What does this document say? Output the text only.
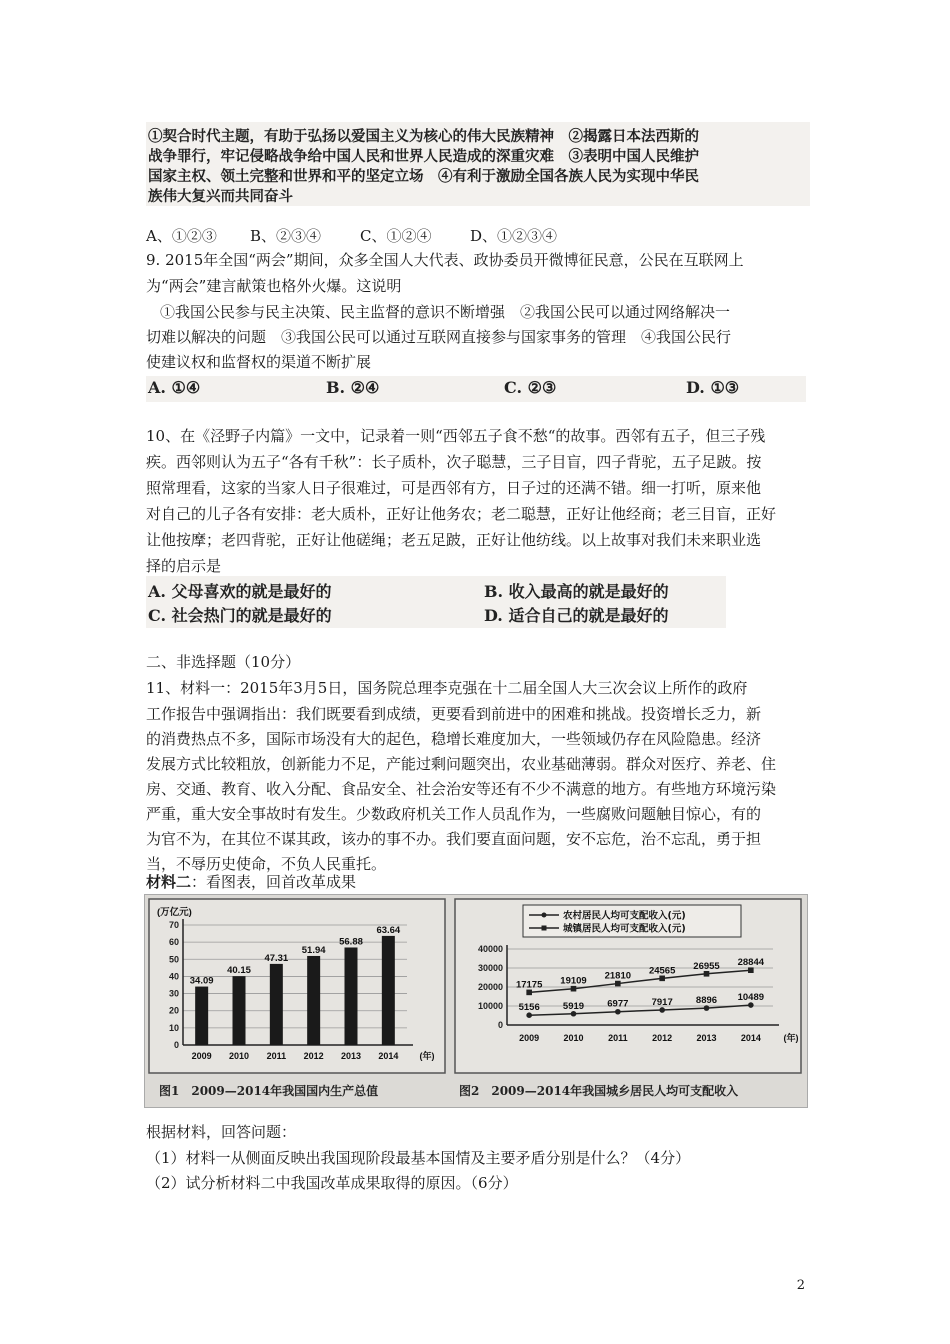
①契合时代主题，有助于弘扬以爱国主义为核心的伟大民族精神　②揭露日本法西斯的
战争罪行，牢记侵略战争给中国人民和世界人民造成的深重灾难　③表明中国人民维护
国家主权、领土完整和世界和平的坚定立场　④有利于激励全国各族人民为实现中华民
族伟大复兴而共同奋斗
A、①②③ B、②③④	C、①②④	D、①②③④
9. 2015年全国“两会”期间，众多全国人大代表、政协委员开微博征民意，公民在互联网上
为“两会”建言献策也格外火爆。这说明
①我国公民参与民主决策、民主监督的意识不断增强　②我国公民可以通过网络解决一
切难以解决的问题　③我国公民可以通过互联网直接参与国家事务的管理　④我国公民行
使建议权和监督权的渠道不断扩展
A. ①④	B. ②④	C. ②③	D. ①③
10、在《泾野子内篇》一文中，记录着一则“西邻五子食不愁“的故事。西邻有五子，但三子残
疾。西邻则认为五子“各有千秋”：长子质朴，次子聪慧，三子目盲，四子背驼，五子足跛。按
照常理看，这家的当家人日子很难过，可是西邻有方，日子过的还满不错。细一打听，原来他
对自己的儿子各有安排：老大质朴，正好让他务农；老二聪慧，正好让他经商；老三目盲，正好
让他按摩；老四背驼，正好让他磋绳；老五足跛，正好让他纺线。以上故事对我们未来职业选
择的启示是
A. 父母喜欢的就是最好的	B. 收入最高的就是最好的
C. 社会热门的就是最好的	D. 适合自己的就是最好的
二、非选择题（10分）
11、材料一：2015年3月5日，国务院总理李克强在十二届全国人大三次会议上所作的政府
工作报告中强调指出：我们既要看到成绩，更要看到前进中的困难和挑战。投资增长乏力，新
的消费热点不多，国际市场没有大的起色，稳增长难度加大，一些领域仍存在风险隐患。经济
发展方式比较粗放，创新能力不足，产能过剩问题突出，农业基础薄弱。群众对医疗、养老、住
房、交通、教育、收入分配、食品安全、社会治安等还有不少不满意的地方。有些地方环境污染
严重，重大安全事故时有发生。少数政府机关工作人员乱作为，一些腐败问题触目惊心，有的
为官不为，在其位不谋其政，该办的事不办。我们要直面问题，安不忘危，治不忘乱，勇于担
当，不辱历史使命，不负人民重托。
材料二：看图表，回首改革成果
0
10
20
30
40
50
60
70
(万亿元)
34.09
2009
40.15
2010
47.31
2011
51.94
2012
56.88
2013
63.64
2014 (年)
图1　2009—2014年我国国内生产总值
农村居民人均可支配收入(元)
城镇居民人均可支配收入(元)
0
10000
20000
30000
40000
5156 5919 6977 7917 8896 10489
17175 19109 21810 24565 26955 28844
2009	2010	2011	2012	2013	2014	(年)
图2　2009—2014年我国城乡居民人均可支配收入
根据材料，回答问题：
（1）材料一从侧面反映出我国现阶段最基本国情及主要矛盾分别是什么？（4分）
（2）试分析材料二中我国改革成果取得的原因。（6分）
2
